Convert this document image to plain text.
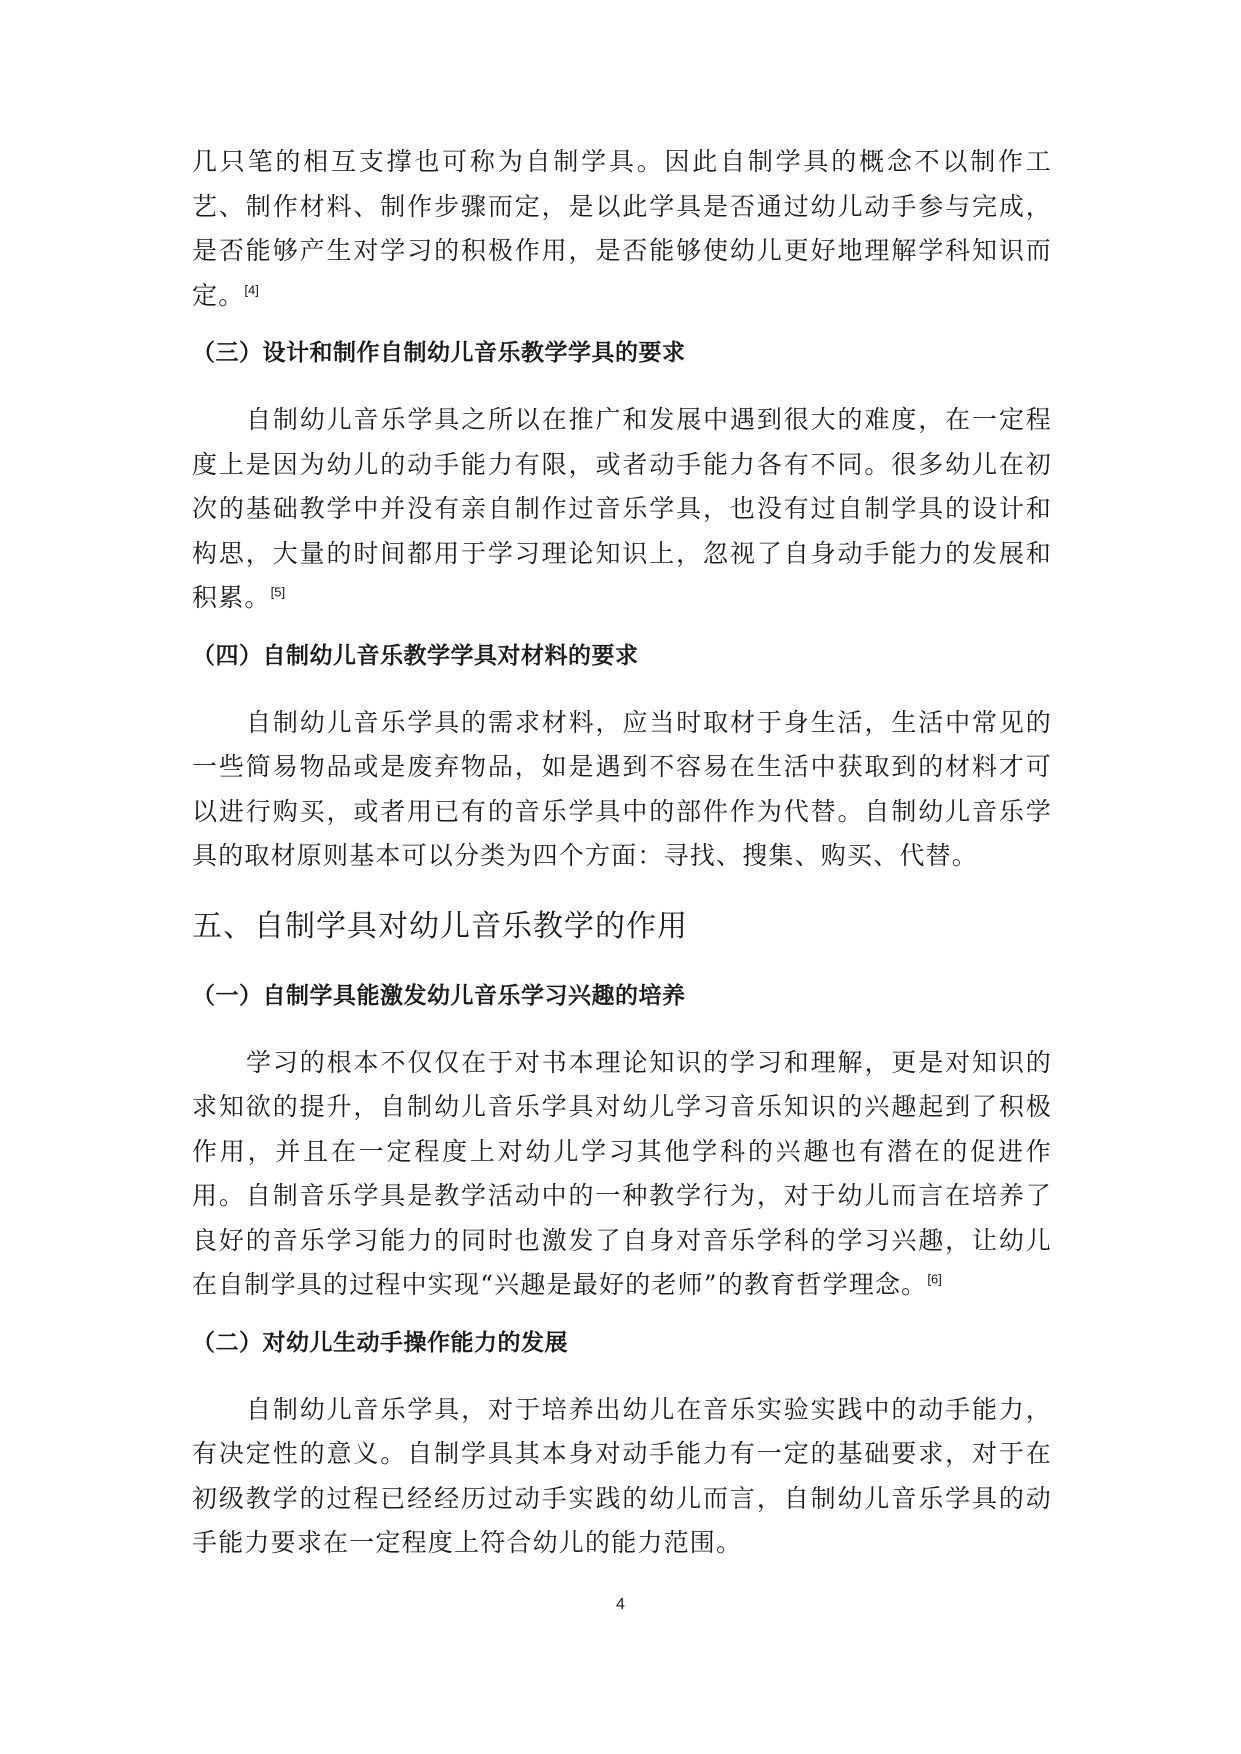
几只笔的相互支撑也可称为自制学具。因此自制学具的概念不以制作工艺、制作材料、制作步骤而定，是以此学具是否通过幼儿动手参与完成，是否能够产生对学习的积极作用，是否能够使幼儿更好地理解学科知识而定。[4]

（三）设计和制作自制幼儿音乐教学学具的要求

自制幼儿音乐学具之所以在推广和发展中遇到很大的难度，在一定程度上是因为幼儿的动手能力有限，或者动手能力各有不同。很多幼儿在初次的基础教学中并没有亲自制作过音乐学具，也没有过自制学具的设计和构思，大量的时间都用于学习理论知识上，忽视了自身动手能力的发展和积累。[5]

（四）自制幼儿音乐教学学具对材料的要求

自制幼儿音乐学具的需求材料，应当时取材于身生活，生活中常见的一些简易物品或是废弃物品，如是遇到不容易在生活中获取到的材料才可以进行购买，或者用已有的音乐学具中的部件作为代替。自制幼儿音乐学具的取材原则基本可以分类为四个方面：寻找、搜集、购买、代替。

五、自制学具对幼儿音乐教学的作用
（一）自制学具能激发幼儿音乐学习兴趣的培养

学习的根本不仅仅在于对书本理论知识的学习和理解，更是对知识的求知欲的提升，自制幼儿音乐学具对幼儿学习音乐知识的兴趣起到了积极作用，并且在一定程度上对幼儿学习其他学科的兴趣也有潜在的促进作用。自制音乐学具是教学活动中的一种教学行为，对于幼儿而言在培养了良好的音乐学习能力的同时也激发了自身对音乐学科的学习兴趣，让幼儿在自制学具的过程中实现“兴趣是最好的老师”的教育哲学理念。[6]

（二）对幼儿生动手操作能力的发展

自制幼儿音乐学具，对于培养出幼儿在音乐实验实践中的动手能力，有决定性的意义。自制学具其本身对动手能力有一定的基础要求，对于在初级教学的过程已经经历过动手实践的幼儿而言，自制幼儿音乐学具的动手能力要求在一定程度上符合幼儿的能力范围。

4
